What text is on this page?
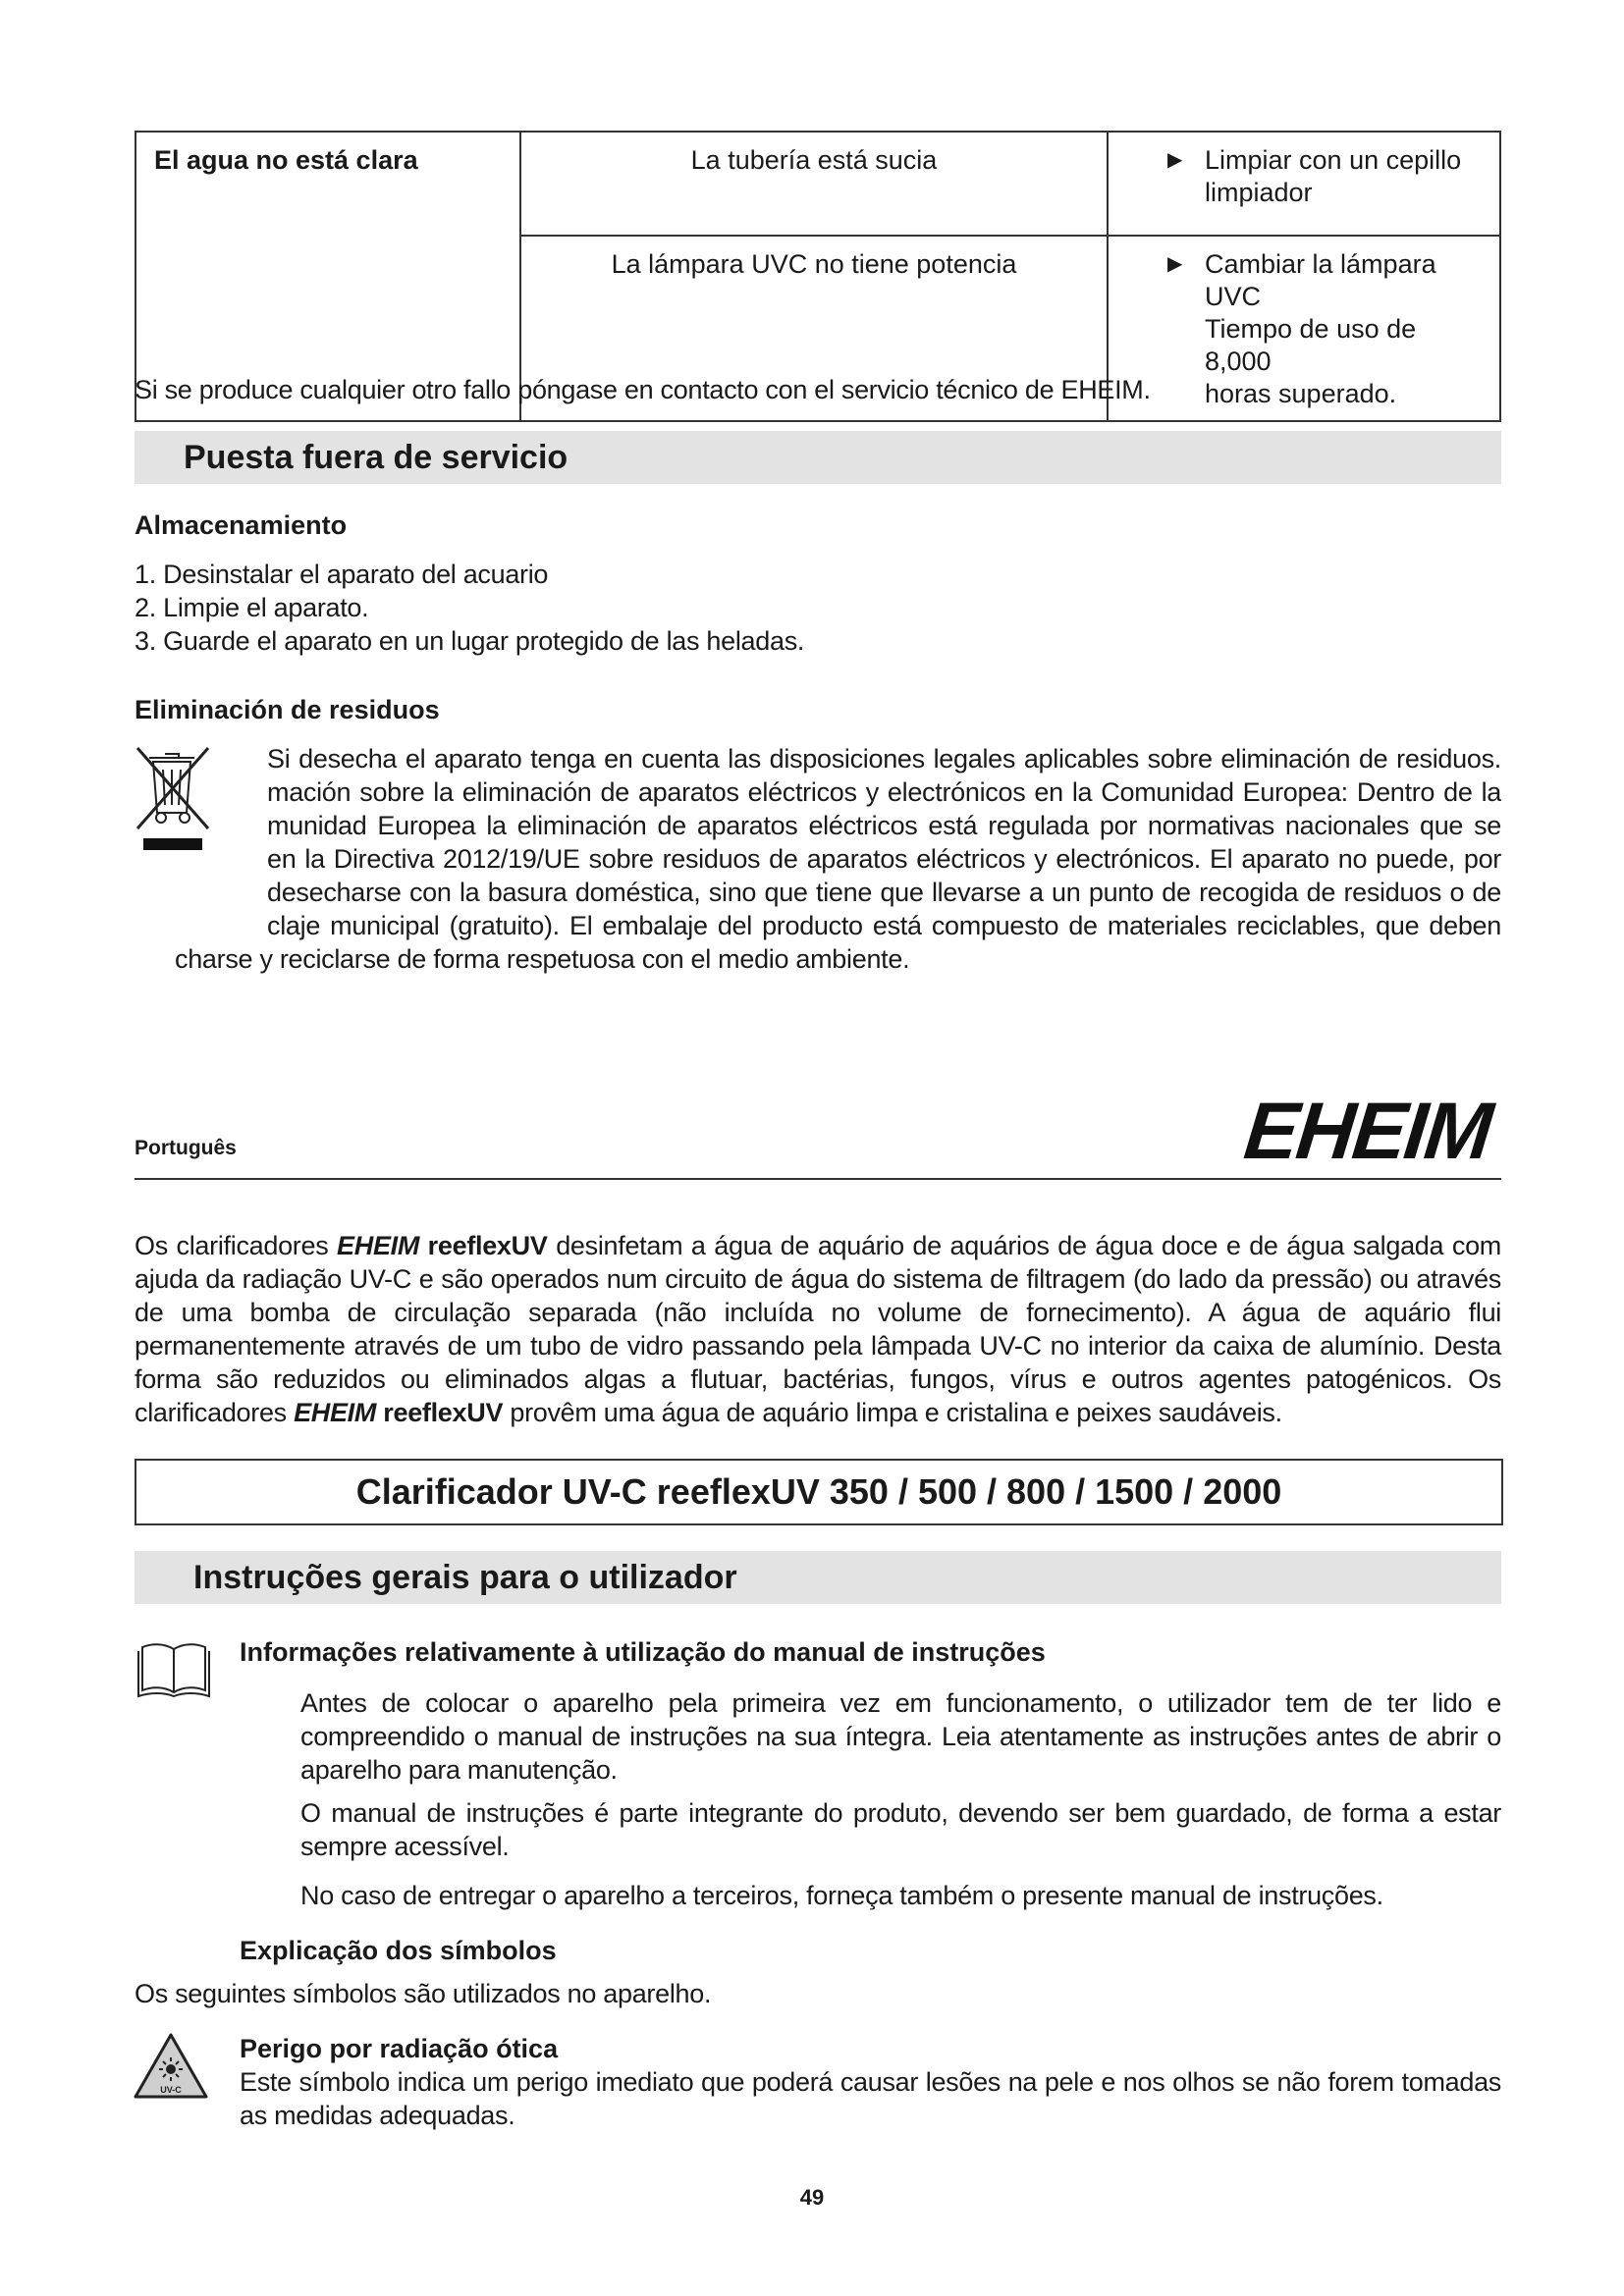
El agua no está clara	La tubería está sucia	▶ Limpiar con un cepillo
limpiador

	La lámpara UVC no tiene potencia	▶ Cambiar la lámpara UVC
Tiempo de uso de 8,000
horas superado.
Si se produce cualquier otro fallo póngase en contacto con el servicio técnico de EHEIM.
Puesta fuera de servicio
Almacenamiento
1. Desinstalar el aparato del acuario
2. Limpie el aparato.
3. Guarde el aparato en un lugar protegido de las heladas.
Eliminación de residuos
Si desecha el aparato tenga en cuenta las disposiciones legales aplicables sobre eliminación de residuos.
mación sobre la eliminación de aparatos eléctricos y electrónicos en la Comunidad Europea: Dentro de la
munidad Europea la eliminación de aparatos eléctricos está regulada por normativas nacionales que se
en la Directiva 2012/19/UE sobre residuos de aparatos eléctricos y electrónicos. El aparato no puede, por
desecharse con la basura doméstica, sino que tiene que llevarse a un punto de recogida de residuos o de
claje municipal (gratuito). El embalaje del producto está compuesto de materiales reciclables, que deben
charse y reciclarse de forma respetuosa con el medio ambiente.
Português	EHEIM
Os clarificadores EHEIM reeflexUV desinfetam a água de aquário de aquários de água doce e de água salgada com ajuda da radiação UV-C e são operados num circuito de água do sistema de filtragem (do lado da pressão) ou através de uma bomba de circulação separada (não incluída no volume de fornecimento). A água de aquário flui permanentemente através de um tubo de vidro passando pela lâmpada UV-C no interior da caixa de alumínio. Desta forma são reduzidos ou eliminados algas a flutuar, bactérias, fungos, vírus e outros agentes patogénicos. Os clarificadores EHEIM reeflexUV provêm uma água de aquário limpa e cristalina e peixes saudáveis.
Clarificador UV-C reeflexUV 350 / 500 / 800 / 1500 / 2000
Instruções gerais para o utilizador
Informações relativamente à utilização do manual de instruções
Antes de colocar o aparelho pela primeira vez em funcionamento, o utilizador tem de ter lido e compreendido o manual de instruções na sua íntegra. Leia atentamente as instruções antes de abrir o aparelho para manutenção.
O manual de instruções é parte integrante do produto, devendo ser bem guardado, de forma a estar sempre acessível.
No caso de entregar o aparelho a terceiros, forneça também o presente manual de instruções.
Explicação dos símbolos
Os seguintes símbolos são utilizados no aparelho.
UV-C
Perigo por radiação ótica
Este símbolo indica um perigo imediato que poderá causar lesões na pele e nos olhos se não forem tomadas as medidas adequadas.
49
